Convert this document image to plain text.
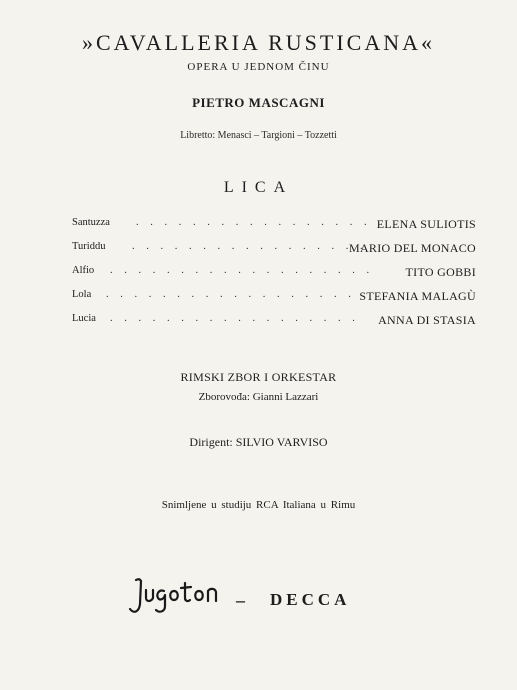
»CAVALLERIA RUSTICANA«
OPERA U JEDNOM ČINU
PIETRO MASCAGNI
Libretto: Menasci – Targioni – Tozzetti
LICA
Santuzza . . . . . . . . . . . . . . . . . ELENA SULIOTIS
Turiddu	. . . . . . . . . . . . . . . . .
MARIO DEL MONACO
Alfio . . . . . . . . . . . . . . . . . . .	TITO GOBBI
Lola . . . . . . . . . . . . . . . . . . STEFANIA MALAGÙ
Lucia . . . . . . . . . . . . . . . . . . ANNA DI STASIA
RIMSKI ZBOR I ORKESTAR
Zborovođa: Gianni Lazzari
Dirigent: SILVIO VARVISO
Snimljene u studiju RCA Italiana u Rimu
– DECCA
